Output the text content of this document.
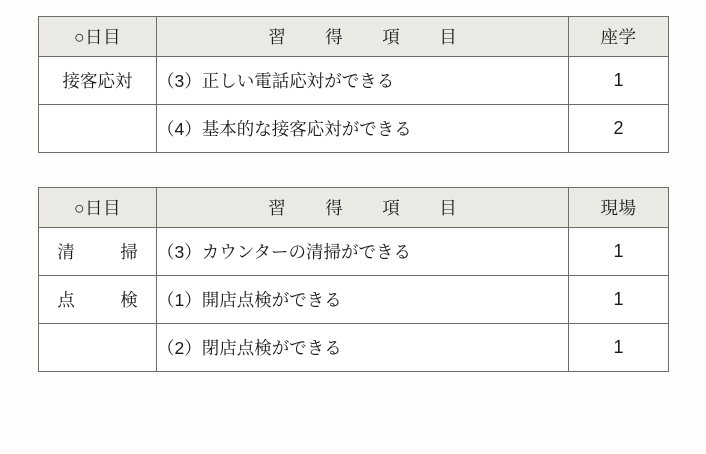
○日目	習　得　項　目	座学
接客応対	（3）正しい電話応対ができる	1
	（4）基本的な接客応対ができる	2
○日目	習　得　項　目	現場
清　掃	（3）カウンターの清掃ができる	1
点　検	（1）開店点検ができる	1
	（2）閉店点検ができる	1
